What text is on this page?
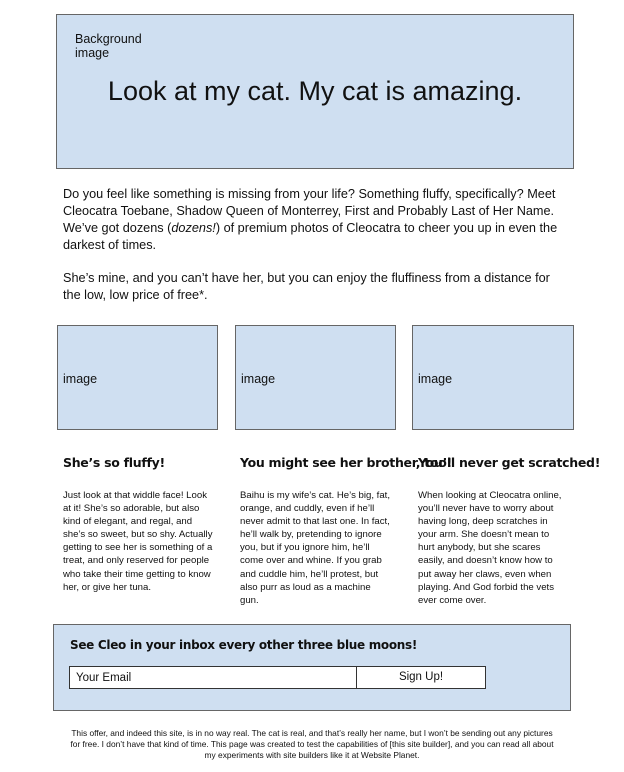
Background image
Look at my cat. My cat is amazing.

Do you feel like something is missing from your life? Something fluffy, specifically? Meet Cleocatra Toebane, Shadow Queen of Monterrey, First and Probably Last of Her Name. We’ve got dozens (dozens!) of premium photos of Cleocatra to cheer you up in even the darkest of times.

She’s mine, and you can’t have her, but you can enjoy the fluffiness from a distance for the low, low price of free*.

image	image	image
She’s so fluffy!	You might see her brother, too!
You’ll never get scratched!
Just look at that widdle face! Look at it! She’s so adorable, but also kind of elegant, and regal, and she’s so sweet, but so shy. Actually getting to see her is something of a treat, and only reserved for people who take their time getting to know her, or give her tuna.
Baihu is my wife’s cat. He’s big, fat, orange, and cuddly, even if he’ll never admit to that last one. In fact, he’ll walk by, pretending to ignore you, but if you ignore him, he’ll come over and whine. If you grab and cuddle him, he’ll protest, but also purr as loud as a machine gun.
When looking at Cleocatra online, you’ll never have to worry about having long, deep scratches in your arm. She doesn’t mean to hurt anybody, but she scares easily, and doesn’t know how to put away her claws, even when playing. And God forbid the vets ever come over.
See Cleo in your inbox every other three blue moons!
Your Email
Sign Up!
This offer, and indeed this site, is in no way real. The cat is real, and that’s really her name, but I won’t be sending out any pictures for free. I don’t have that kind of time. This page was created to test the capabilities of [this site builder], and you can read all about my experiments with site builders like it at Website Planet.
